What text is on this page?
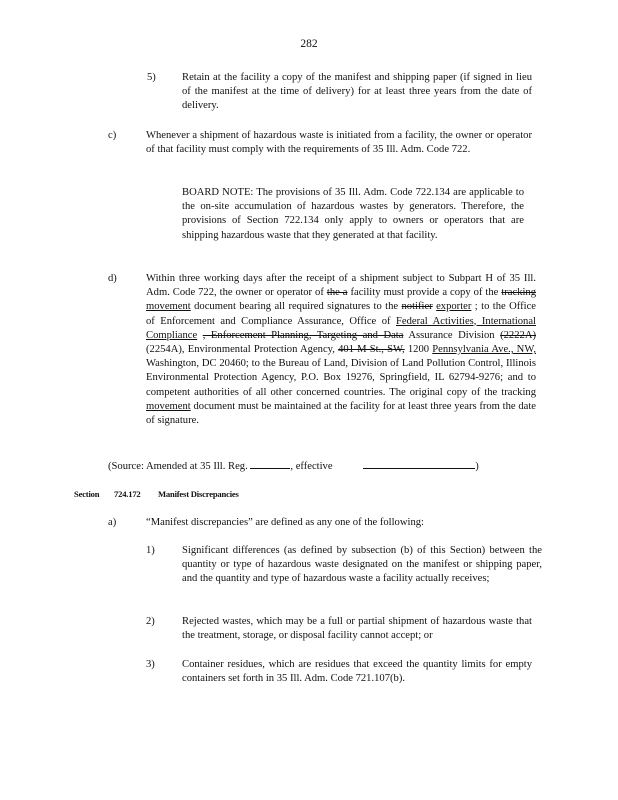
282
5) Retain at the facility a copy of the manifest and shipping paper (if signed in lieu of the manifest at the time of delivery) for at least three years from the date of delivery.
c)	Whenever a shipment of hazardous waste is initiated from a facility, the owner or operator of that facility must comply with the requirements of 35 Ill. Adm. Code 722.
BOARD NOTE: The provisions of 35 Ill. Adm. Code 722.134 are applicable to the on-site accumulation of hazardous wastes by generators. Therefore, the provisions of Section 722.134 only apply to owners or operators that are shipping hazardous waste that they generated at that facility.
d)	Within three working days after the receipt of a shipment subject to Subpart H of 35 Ill. Adm. Code 722, the owner or operator of the a facility must provide a copy of the tracking movement document bearing all required signatures to the notifier exporter ; to the Office of Enforcement and Compliance Assurance, Office of Federal Activities, International Compliance , Enforcement Planning, Targeting and Data Assurance Division (2222A) (2254A), Environmental Protection Agency, 401 M St., SW, 1200 Pennsylvania Ave., NW, Washington, DC 20460; to the Bureau of Land, Division of Land Pollution Control, Illinois Environmental Protection Agency, P.O. Box 19276, Springfield, IL 62794-9276; and to competent authorities of all other concerned countries. The original copy of the tracking movement document must be maintained at the facility for at least three years from the date of signature.
(Source: Amended at 35 Ill. Reg.	, effective	)
Section 724.172 Manifest Discrepancies
a)	“Manifest discrepancies” are defined as any one of the following:
1)	Significant differences (as defined by subsection (b) of this Section) between the quantity or type of hazardous waste designated on the manifest or shipping paper, and the quantity and type of hazardous waste a facility actually receives;
2)	Rejected wastes, which may be a full or partial shipment of hazardous waste that the treatment, storage, or disposal facility cannot accept; or
3)	Container residues, which are residues that exceed the quantity limits for empty containers set forth in 35 Ill. Adm. Code 721.107(b).
